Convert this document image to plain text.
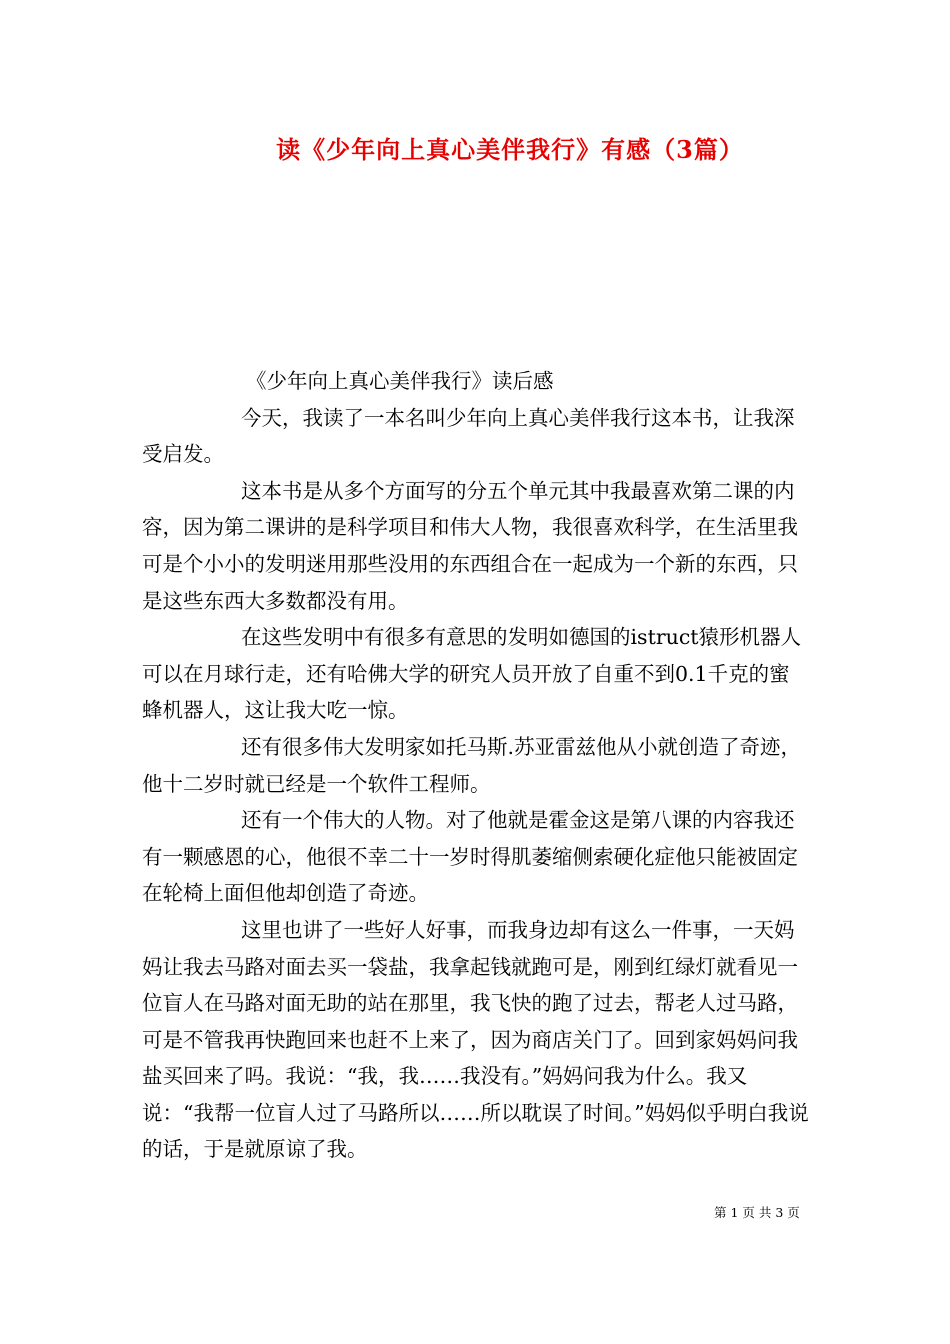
读《少年向上真心美伴我行》有感（3篇）

《少年向上真心美伴我行》读后感

今天，我读了一本名叫少年向上真心美伴我行这本书，让我深受启发。

这本书是从多个方面写的分五个单元其中我最喜欢第二课的内容，因为第二课讲的是科学项目和伟大人物，我很喜欢科学，在生活里我可是个小小的发明迷用那些没用的东西组合在一起成为一个新的东西，只是这些东西大多数都没有用。

在这些发明中有很多有意思的发明如德国的istruct猿形机器人可以在月球行走，还有哈佛大学的研究人员开放了自重不到0.1千克的蜜蜂机器人，这让我大吃一惊。

还有很多伟大发明家如托马斯.苏亚雷兹他从小就创造了奇迹，他十二岁时就已经是一个软件工程师。

还有一个伟大的人物。对了他就是霍金这是第八课的内容我还有一颗感恩的心，他很不幸二十一岁时得肌萎缩侧索硬化症他只能被固定在轮椅上面但他却创造了奇迹。

这里也讲了一些好人好事，而我身边却有这么一件事，一天妈妈让我去马路对面去买一袋盐，我拿起钱就跑可是，刚到红绿灯就看见一位盲人在马路对面无助的站在那里，我飞快的跑了过去，帮老人过马路，可是不管我再快跑回来也赶不上来了，因为商店关门了。回到家妈妈问我盐买回来了吗。我说：“我，我……我没有。”妈妈问我为什么。我又说：“我帮一位盲人过了马路所以……所以耽误了时间。”妈妈似乎明白我说的话，于是就原谅了我。

第 1 页 共 3 页
